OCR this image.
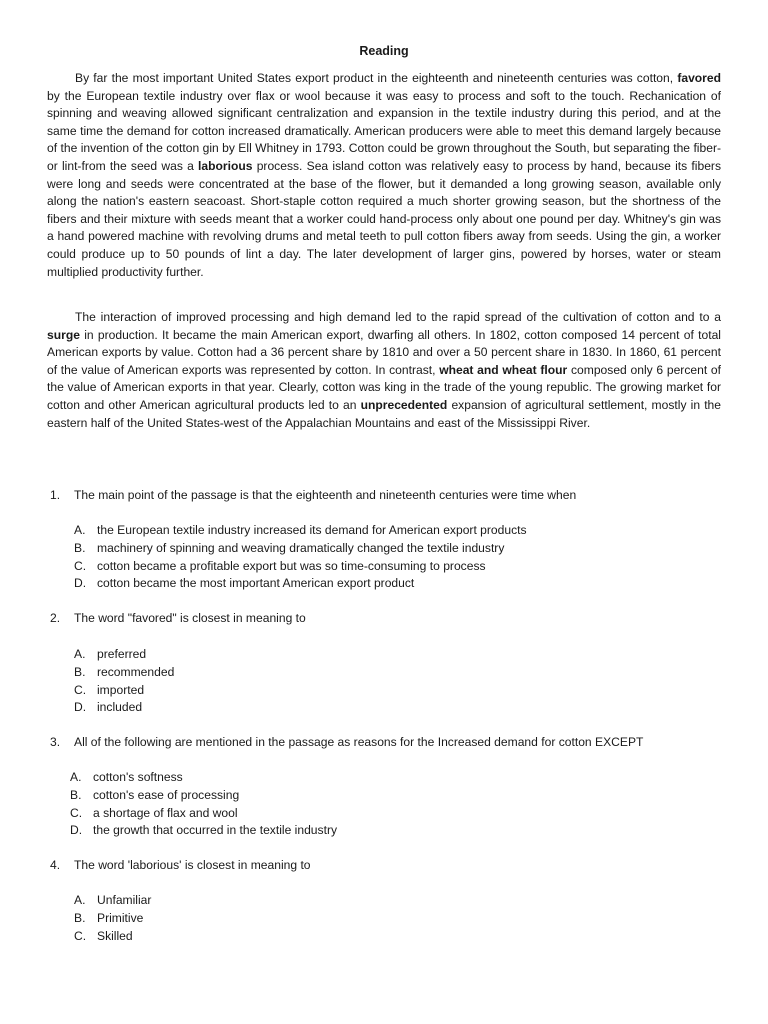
Reading

By far the most important United States export product in the eighteenth and nineteenth centuries was cotton, favored by the European textile industry over flax or wool because it was easy to process and soft to the touch. Rechanication of spinning and weaving allowed significant centralization and expansion in the textile industry during this period, and at the same time the demand for cotton increased dramatically. American producers were able to meet this demand largely because of the invention of the cotton gin by Ell Whitney in 1793. Cotton could be grown throughout the South, but separating the fiber-or lint-from the seed was a laborious process. Sea island cotton was relatively easy to process by hand, because its fibers were long and seeds were concentrated at the base of the flower, but it demanded a long growing season, available only along the nation's eastern seacoast. Short-staple cotton required a much shorter growing season, but the shortness of the fibers and their mixture with seeds meant that a worker could hand-process only about one pound per day. Whitney's gin was a hand powered machine with revolving drums and metal teeth to pull cotton fibers away from seeds. Using the gin, a worker could produce up to 50 pounds of lint a day. The later development of larger gins, powered by horses, water or steam multiplied productivity further.

The interaction of improved processing and high demand led to the rapid spread of the cultivation of cotton and to a surge in production. It became the main American export, dwarfing all others. In 1802, cotton composed 14 percent of total American exports by value. Cotton had a 36 percent share by 1810 and over a 50 percent share in 1830. In 1860, 61 percent of the value of American exports was represented by cotton. In contrast, wheat and wheat flour composed only 6 percent of the value of American exports in that year. Clearly, cotton was king in the trade of the young republic. The growing market for cotton and other American agricultural products led to an unprecedented expansion of agricultural settlement, mostly in the eastern half of the United States-west of the Appalachian Mountains and east of the Mississippi River.

1. The main point of the passage is that the eighteenth and nineteenth centuries were time when
A. the European textile industry increased its demand for American export products
B. machinery of spinning and weaving dramatically changed the textile industry
C. cotton became a profitable export but was so time-consuming to process
D. cotton became the most important American export product
2. The word "favored" is closest in meaning to
A. preferred
B. recommended
C. imported
D. included
3. All of the following are mentioned in the passage as reasons for the Increased demand for cotton EXCEPT
A. cotton's softness
B. cotton's ease of processing
C. a shortage of flax and wool
D. the growth that occurred in the textile industry
4. The word 'laborious' is closest in meaning to
A. Unfamiliar
B. Primitive
C. Skilled
